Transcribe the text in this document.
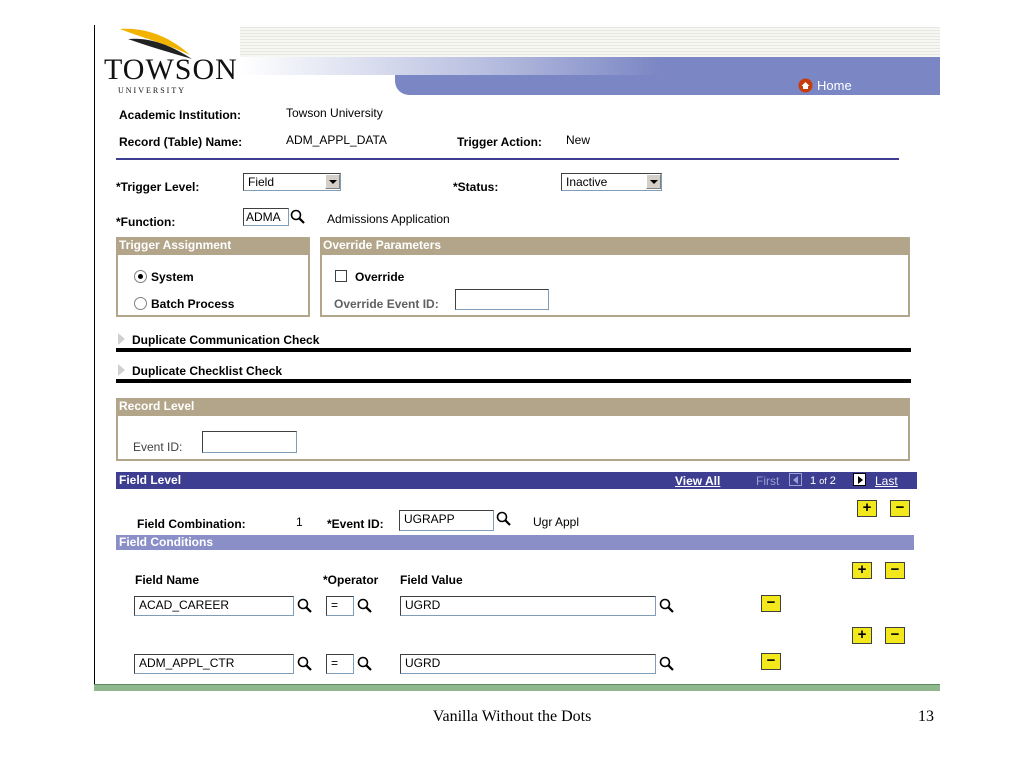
TOWSON
UNIVERSITY	Home
Academic Institution:	Towson University
Record (Table) Name:	ADM_APPL_DATA	Trigger Action: New
*Trigger Level:	Field	*Status:	Inactive
*Function:	ADMA	Admissions Application
Trigger Assignment
System
Batch Process
Override Parameters
Override
Override Event ID:
Duplicate Communication Check
Duplicate Checklist Check
Record Level
Event ID:
Field Level	View All	First	1 of 2	Last
+	−
Field Combination:	1 *Event ID:	UGRAPP	Ugr Appl
Field Conditions
+	−
Field Name	*Operator Field Value
ACAD_CAREER	=	UGRD	−
+	−
ADM_APPL_CTR	=	UGRD	−
Vanilla Without the Dots	13
